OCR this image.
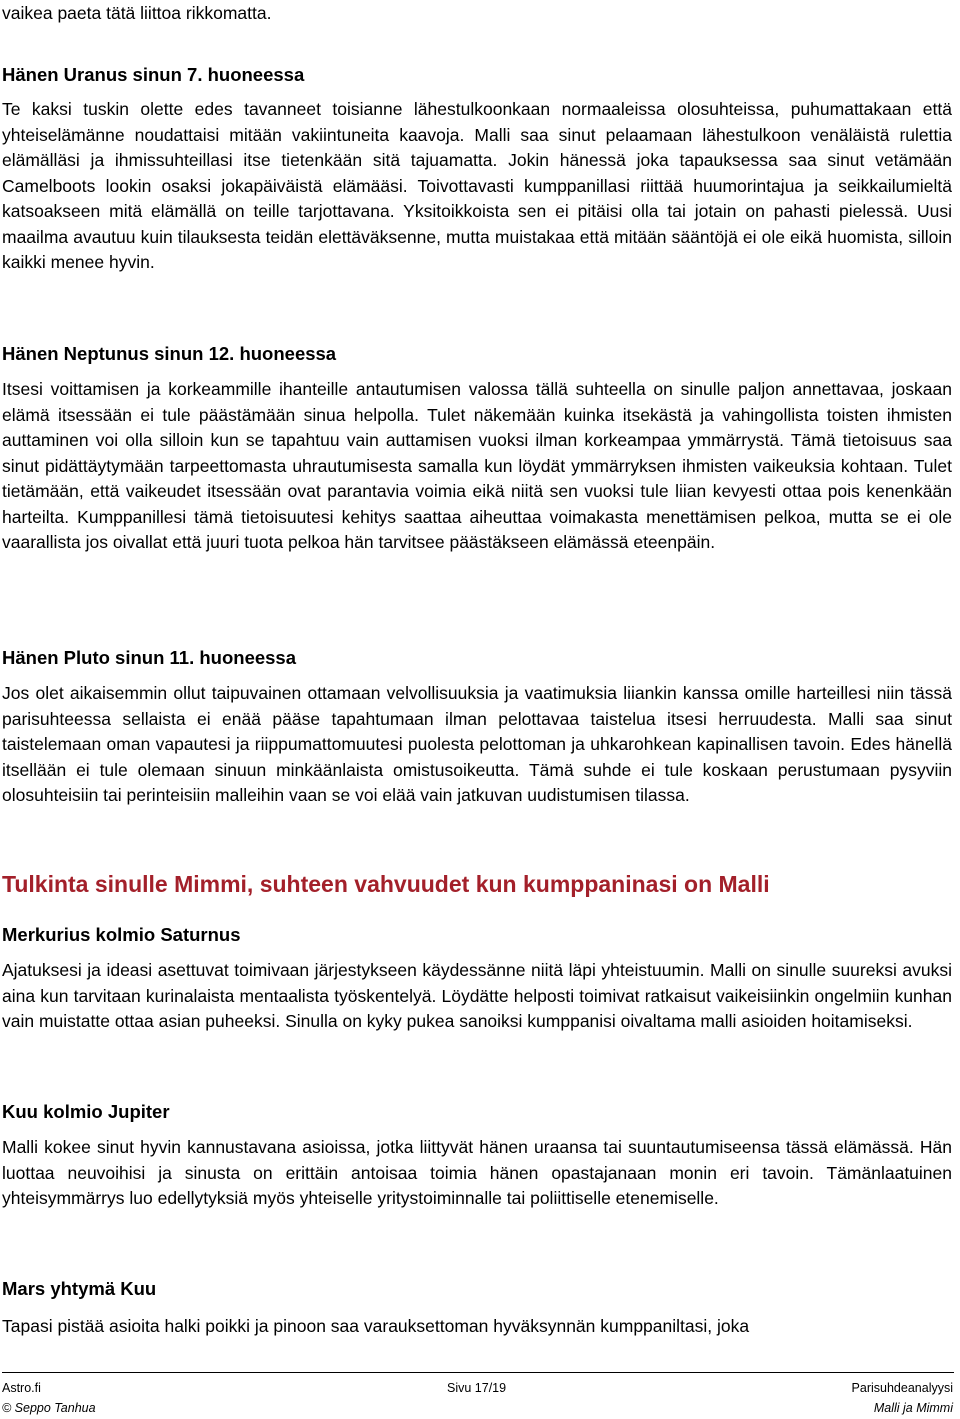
vaikea paeta tätä liittoa rikkomatta.

Hänen Uranus sinun 7. huoneessa

Te kaksi tuskin olette edes tavanneet toisianne lähestulkoonkaan normaaleissa olosuhteissa, puhumattakaan että yhteiselämänne noudattaisi mitään vakiintuneita kaavoja. Malli saa sinut pelaamaan lähestulkoon venäläistä rulettia elämälläsi ja ihmissuhteillasi itse tietenkään sitä tajuamatta. Jokin hänessä joka tapauksessa saa sinut vetämään Camelboots lookin osaksi jokapäiväistä elämääsi. Toivottavasti kumppanillasi riittää huumorintajua ja seikkailumieltä katsoakseen mitä elämällä on teille tarjottavana. Yksitoikkoista sen ei pitäisi olla tai jotain on pahasti pielessä. Uusi maailma avautuu kuin tilauksesta teidän elettäväksenne, mutta muistakaa että mitään sääntöjä ei ole eikä huomista, silloin kaikki menee hyvin.

Hänen Neptunus sinun 12. huoneessa

Itsesi voittamisen ja korkeammille ihanteille antautumisen valossa tällä suhteella on sinulle paljon annettavaa, joskaan elämä itsessään ei tule päästämään sinua helpolla. Tulet näkemään kuinka itsekästä ja vahingollista toisten ihmisten auttaminen voi olla silloin kun se tapahtuu vain auttamisen vuoksi ilman korkeampaa ymmärrystä. Tämä tietoisuus saa sinut pidättäytymään tarpeettomasta uhrautumisesta samalla kun löydät ymmärryksen ihmisten vaikeuksia kohtaan. Tulet tietämään, että vaikeudet itsessään ovat parantavia voimia eikä niitä sen vuoksi tule liian kevyesti ottaa pois kenenkään harteilta. Kumppanillesi tämä tietoisuutesi kehitys saattaa aiheuttaa voimakasta menettämisen pelkoa, mutta se ei ole vaarallista jos oivallat että juuri tuota pelkoa hän tarvitsee päästäkseen elämässä eteenpäin.

Hänen Pluto sinun 11. huoneessa

Jos olet aikaisemmin ollut taipuvainen ottamaan velvollisuuksia ja vaatimuksia liiankin kanssa omille harteillesi niin tässä parisuhteessa sellaista ei enää pääse tapahtumaan ilman pelottavaa taistelua itsesi herruudesta. Malli saa sinut taistelemaan oman vapautesi ja riippumattomuutesi puolesta pelottoman ja uhkarohkean kapinallisen tavoin. Edes hänellä itsellään ei tule olemaan sinuun minkäänlaista omistusoikeutta. Tämä suhde ei tule koskaan perustumaan pysyviin olosuhteisiin tai perinteisiin malleihin vaan se voi elää vain jatkuvan uudistumisen tilassa.

Tulkinta sinulle Mimmi, suhteen vahvuudet kun kumppaninasi on Malli
Merkurius kolmio Saturnus

Ajatuksesi ja ideasi asettuvat toimivaan järjestykseen käydessänne niitä läpi yhteistuumin. Malli on sinulle suureksi avuksi aina kun tarvitaan kurinalaista mentaalista työskentelyä. Löydätte helposti toimivat ratkaisut vaikeisiinkin ongelmiin kunhan vain muistatte ottaa asian puheeksi. Sinulla on kyky pukea sanoiksi kumppanisi oivaltama malli asioiden hoitamiseksi.

Kuu kolmio Jupiter

Malli kokee sinut hyvin kannustavana asioissa, jotka liittyvät hänen uraansa tai suuntautumiseensa tässä elämässä. Hän luottaa neuvoihisi ja sinusta on erittäin antoisaa toimia hänen opastajanaan monin eri tavoin. Tämänlaatuinen yhteisymmärrys luo edellytyksiä myös yhteiselle yritystoiminnalle tai poliittiselle etenemiselle.

Mars yhtymä Kuu

Tapasi pistää asioita halki poikki ja pinoon saa varauksettoman hyväksynnän kumppaniltasi, joka

Astro.fi	Sivu 17/19	Parisuhdeanalyysi
© Seppo Tanhua	Malli ja Mimmi
